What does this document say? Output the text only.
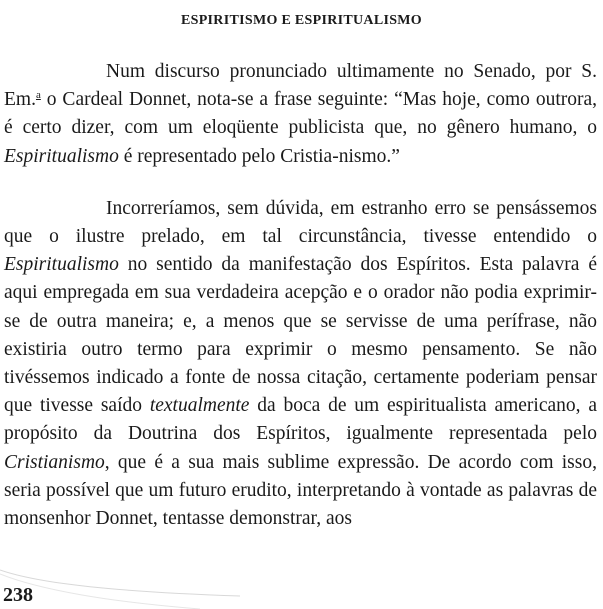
ESPIRITISMO E ESPIRITUALISMO

Num discurso pronunciado ultimamente no Senado, por S. Em.$^a$ o Cardeal Donnet, nota-se a frase seguinte: “Mas hoje, como outrora, é certo dizer, com um eloqüente publicista que, no gênero humano, o Espiritualismo é representado pelo Cristia-nismo.”

Incorreríamos, sem dúvida, em estranho erro se pensássemos que o ilustre prelado, em tal circunstância, tivesse entendido o Espiritualismo no sentido da manifestação dos Espíritos. Esta palavra é aqui empregada em sua verdadeira acepção e o orador não podia exprimir-se de outra maneira; e, a menos que se servisse de uma perífrase, não existiria outro termo para exprimir o mesmo pensamento. Se não tivéssemos indicado a fonte de nossa citação, certamente poderiam pensar que tivesse saído textualmente da boca de um espiritualista americano, a propósito da Doutrina dos Espíritos, igualmente representada pelo Cristianismo, que é a sua mais sublime expressão. De acordo com isso, seria possível que um futuro erudito, interpretando à vontade as palavras de monsenhor Donnet, tentasse demonstrar, aos

238
